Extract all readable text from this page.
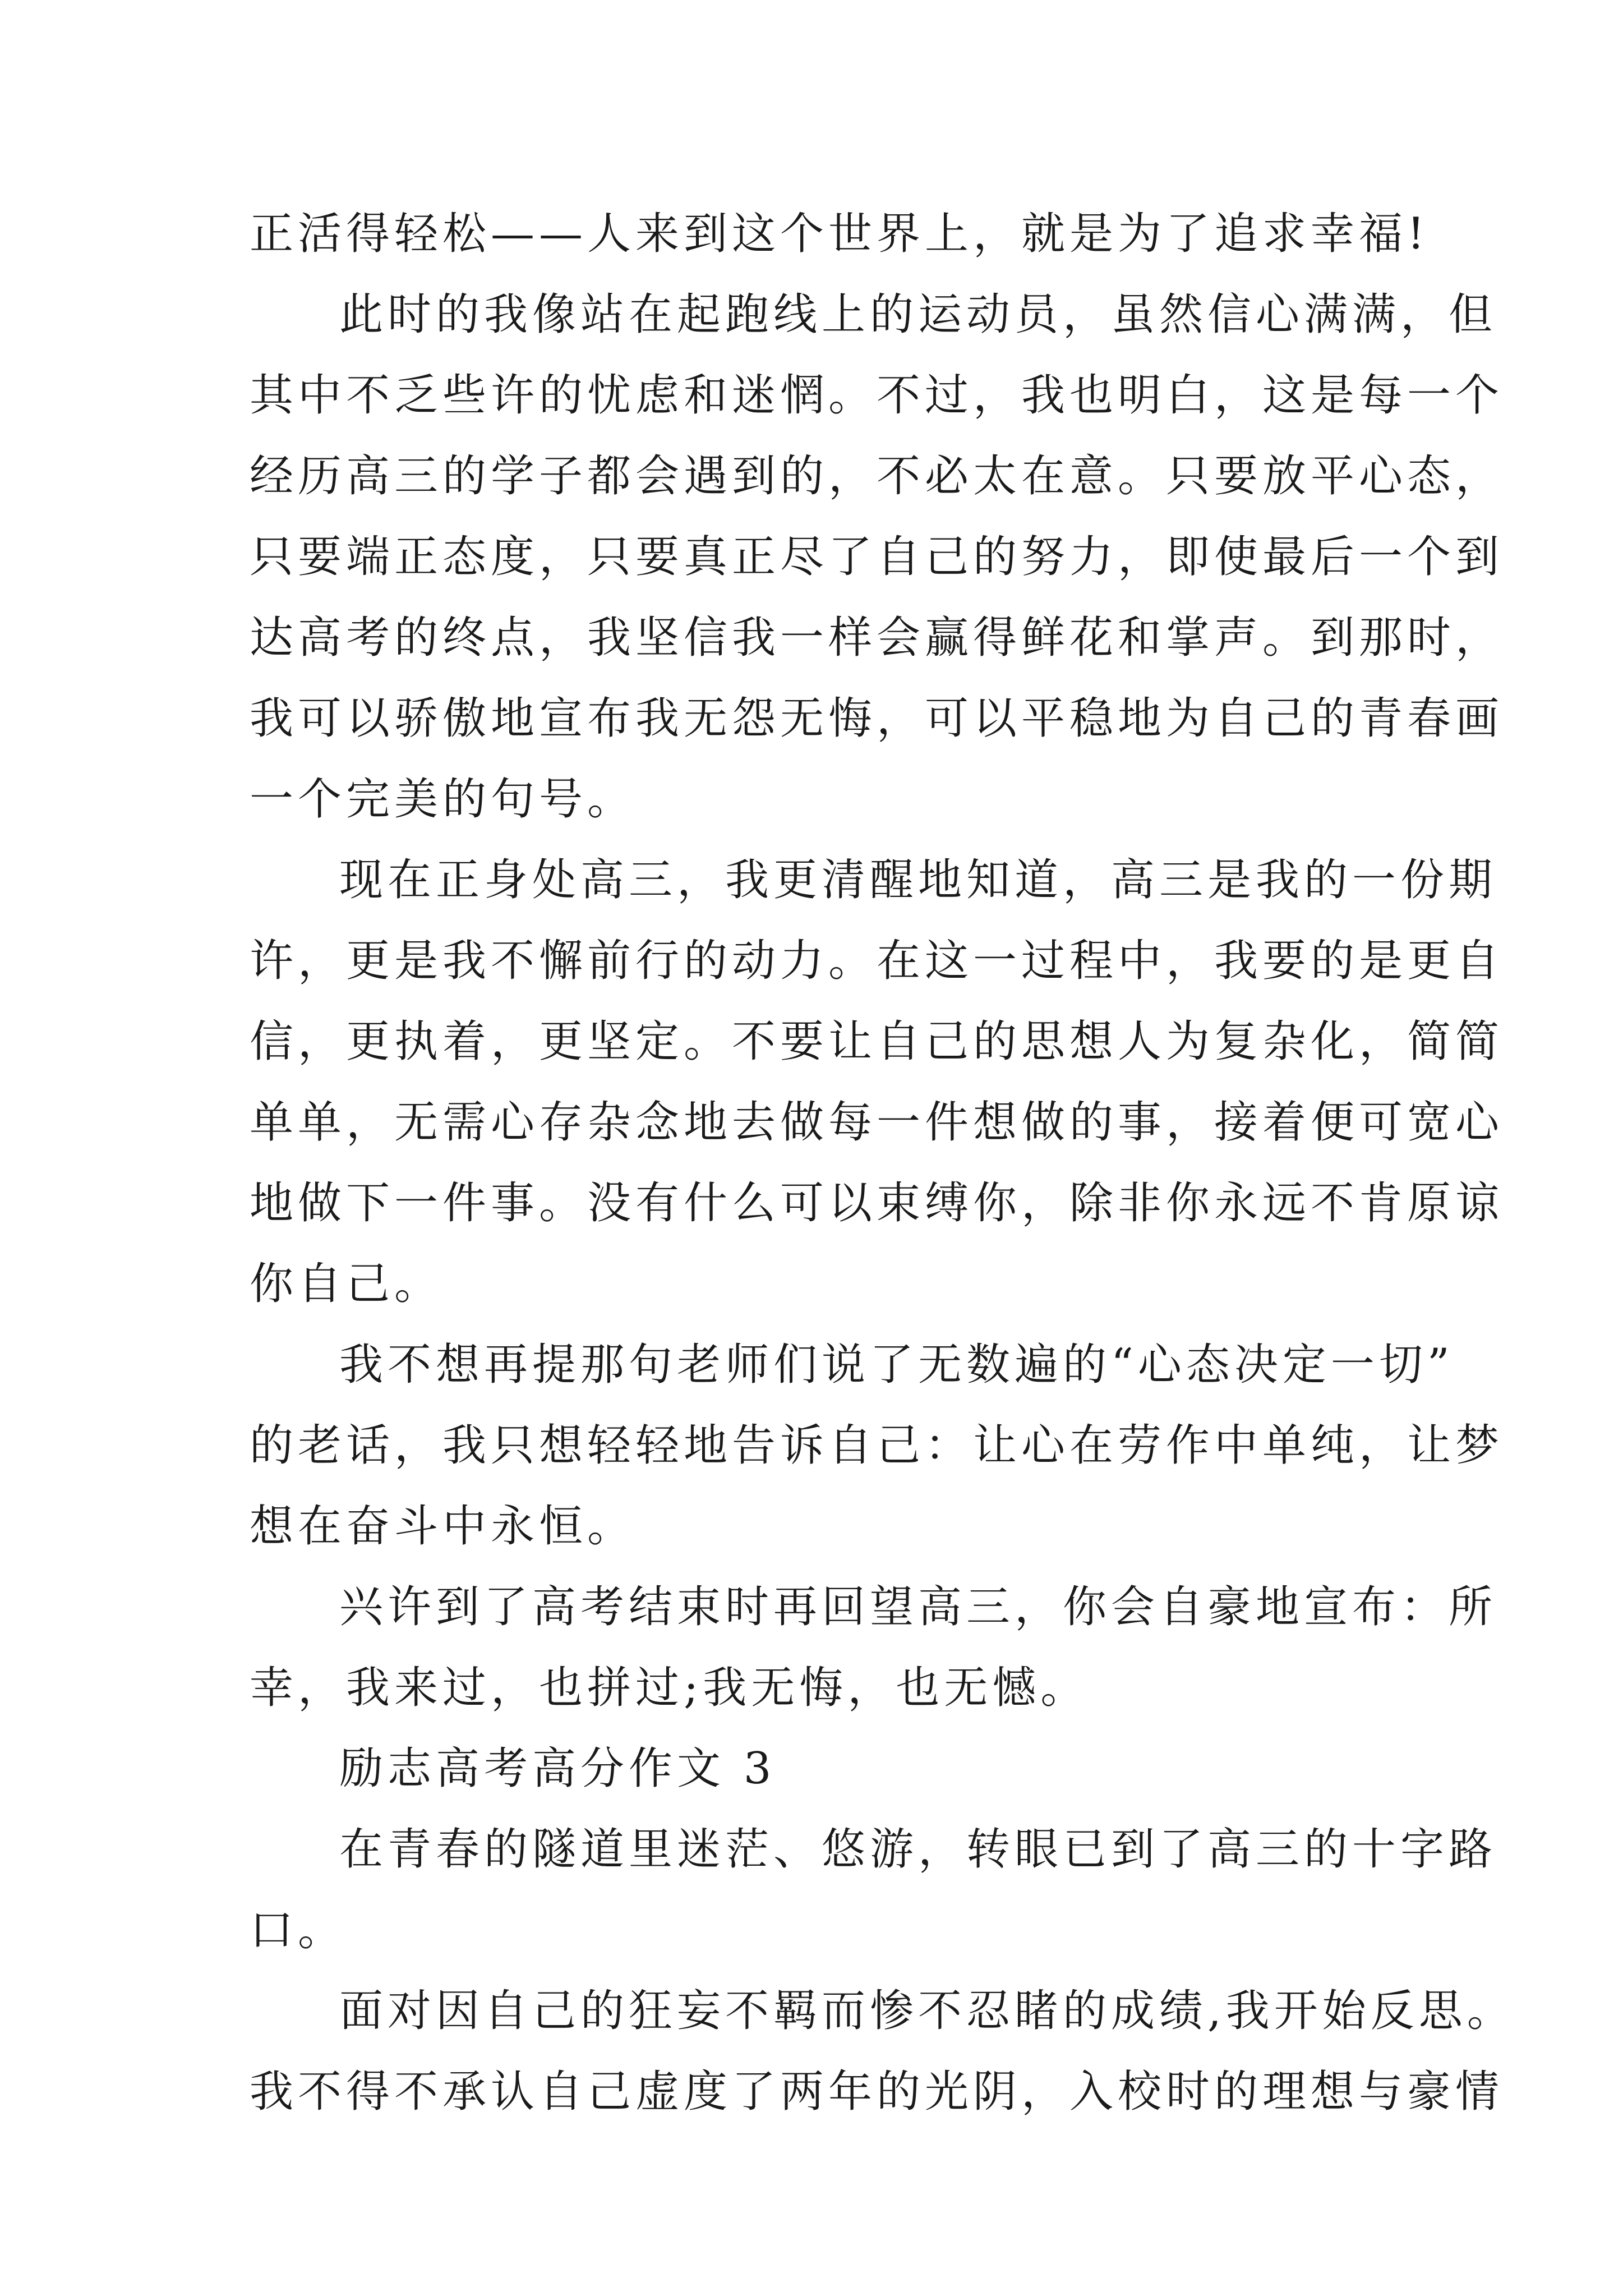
正活得轻松——人来到这个世界上，就是为了追求幸福!
此时的我像站在起跑线上的运动员，虽然信心满满，但
其中不乏些许的忧虑和迷惘。不过，我也明白，这是每一个
经历高三的学子都会遇到的，不必太在意。只要放平心态，
只要端正态度，只要真正尽了自己的努力，即使最后一个到
达高考的终点，我坚信我一样会赢得鲜花和掌声。到那时，
我可以骄傲地宣布我无怨无悔，可以平稳地为自己的青春画
一个完美的句号。
现在正身处高三，我更清醒地知道，高三是我的一份期
许，更是我不懈前行的动力。在这一过程中，我要的是更自
信，更执着，更坚定。不要让自己的思想人为复杂化，简简
单单，无需心存杂念地去做每一件想做的事，接着便可宽心
地做下一件事。没有什么可以束缚你，除非你永远不肯原谅
你自己。
我不想再提那句老师们说了无数遍的“心态决定一切”
的老话，我只想轻轻地告诉自己：让心在劳作中单纯，让梦
想在奋斗中永恒。
兴许到了高考结束时再回望高三，你会自豪地宣布：所
幸，我来过，也拼过;我无悔，也无憾。
励志高考高分作文 3
在青春的隧道里迷茫、悠游，转眼已到了高三的十字路
口。
面对因自己的狂妄不羁而惨不忍睹的成绩,我开始反思。
我不得不承认自己虚度了两年的光阴，入校时的理想与豪情
